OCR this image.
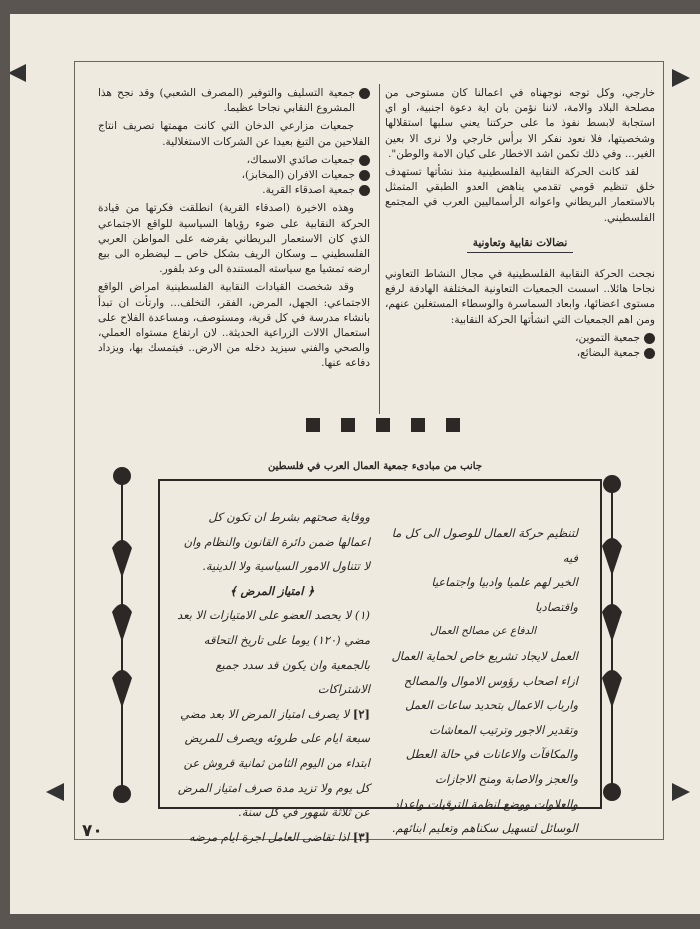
خارجي، وكل توجه نوجهناه في اعمالنا كان مستوحى من مصلحة البلاد والامة، لاننا نؤمن بان اية دعوة اجنبية، او اي استجابة لابسط نفوذ ما على حركتنا يعني سلبها استقلالها وشخصيتها، فلا نعود نفكر الا برأس خارجي ولا نرى الا بعين الغير... وفي ذلك تكمن اشد الاخطار على كيان الامة والوطن".

لقد كانت الحركة النقابية الفلسطينية منذ نشأتها تستهدف خلق تنظيم قومي تقدمي يناهض العدو الطبقي المتمثل بالاستعمار البريطاني واعوانه الرأسماليين العرب في المجتمع الفلسطيني.

نضالات نقابية وتعاونية

نجحت الحركة النقابية الفلسطينية في مجال النشاط التعاوني نجاحا هائلا.. اسست الجمعيات التعاونية المختلفة الهادفة لرفع مستوى اعضائها، وابعاد السماسرة والوسطاء المستغلين عنهم، ومن اهم الجمعيات التي انشأتها الحركة النقابية:

جمعية التموين،
جمعية البضائع،
جمعية التسليف والتوفير (المصرف الشعبي) وقد نجح هذا المشروع النقابي نجاحا عظيما.

جمعيات مزارعي الدخان التي كانت مهمتها تصريف انتاج الفلاحين من التبغ بعيدا عن الشركات الاستغلالية.

جمعيات صائدي الاسماك،
جمعيات الافران (المخابز)،
جمعية اصدقاء القرية.

وهذه الاخيرة (اصدقاء القرية) انطلقت فكرتها من قيادة الحركة النقابية على ضوء رؤياها السياسية للواقع الاجتماعي الذي كان الاستعمار البريطاني يفرضه على المواطن العربي الفلسطيني ــ وسكان الريف بشكل خاص ــ ليضطره الى بيع ارضه تمشيا مع سياسته المستندة الى وعد بلفور.

وقد شخصت القيادات النقابية الفلسطينية امراض الواقع الاجتماعي: الجهل، المرض، الفقر، التخلف... وارتأت ان تبدأ بانشاء مدرسة في كل قرية، ومستوصف، ومساعدة الفلاح على استعمال الالات الزراعية الحديثة.. لان ارتفاع مستواه العملي، والصحي والفني سيزيد دخله من الارض.. فيتمسك بها، ويزداد دفاعه عنها.

جانب من مبادىء جمعية العمال العرب في فلسطين
لتنظيم حركة العمال للوصول الى كل ما فيه
الخير لهم علميا وادبيا واجتماعيا واقتصاديا
الدفاع عن مصالح العمال
العمل لايجاد تشريع خاص لحماية العمال ازاء اصحاب رؤوس الاموال والمصالح وارباب الاعمال بتحديد ساعات العمل وتقدير الاجور وترتيب المعاشات والمكافآت والاعانات في حالة العطل والعجز والاصابة ومنح الاجازات والعلاوات ووضع انظمة الترقيات واعداد الوسائل لتسهيل سكناهم وتعليم ابنائهم.
ووقاية صحتهم بشرط ان تكون كل اعمالها ضمن دائرة القانون والنظام وان لا تتناول الامور السياسية ولا الدينية.
﴿ امتياز المرض ﴾
(١) لا يحصد العضو على الامتيازات الا بعد مضي (١٢٠) يوما على تاريخ التحاقه بالجمعية وان يكون قد سدد جميع الاشتراكات
[٢] لا يصرف امتياز المرض الا بعد مضي سبعة ايام على طروئه ويصرف للمريض ابتداء من اليوم الثامن ثمانية قروش عن كل يوم ولا تزيد مدة صرف امتياز المرض عن ثلاثة شهور في كل سنة.
[٣] اذا تقاضى العامل اجرة ايام مرضه
٧٠
